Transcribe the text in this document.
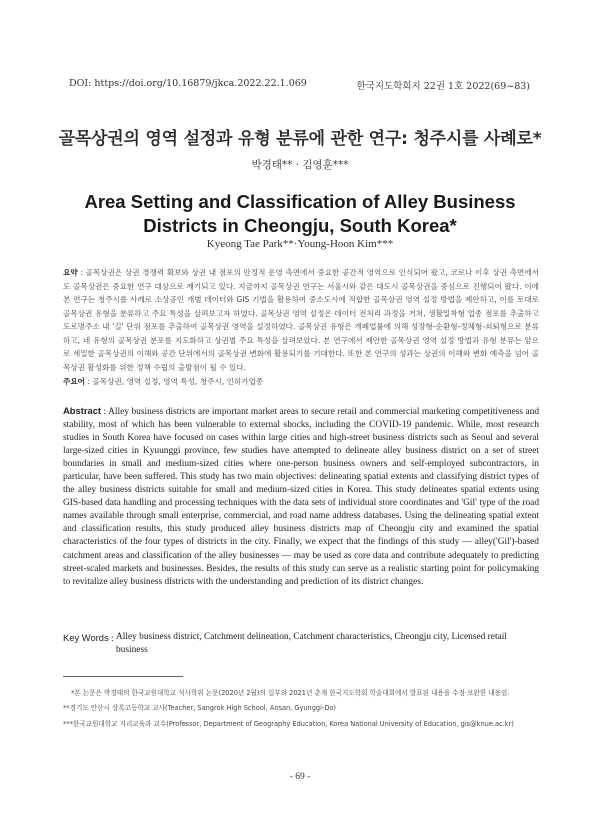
DOI: https://doi.org/10.16879/jkca.2022.22.1.069	한국지도학회지 22권 1호 2022(69~83)
골목상권의 영역 설정과 유형 분류에 관한 연구: 청주시를 사례로*
박경태** · 김영훈***
Area Setting and Classification of Alley Business Districts in Cheongju, South Korea*
Kyeong Tae Park**·Young-Hoon Kim***
요약 : 골목상권은 상권 경쟁력 확보와 상권 내 점포의 안정적 운영 측면에서 중요한 공간적 영역으로 인식되어 왔고, 코로나 이후 상권 측면에서도 골목상권은 중요한 연구 대상으로 제기되고 있다. 지금까지 골목상권 연구는 서울시와 같은 대도시 골목상권을 중심으로 진행되어 왔다. 이에 본 연구는 청주시를 사례로 소상공인 개별 데이터와 GIS 기법을 활용하여 중소도시에 적합한 골목상권 영역 설정 방법을 제안하고, 이를 토대로 골목상권 유형을 분류하고 주요 특성을 살펴보고자 하였다. 골목상권 영역 설정은 데이터 전처리 과정을 거쳐, 생활밀착형 업종 점포를 추출하고 도로명주소 내 '길' 단위 점포를 추출하여 골목상권 영역을 설정하였다. 골목상권 유형은 개폐업률에 의해 성장형-순환형-정체형-쇠퇴형으로 분류하고, 네 유형의 골목상권 분포를 지도화하고 상권별 주요 특성을 살펴보았다. 본 연구에서 제안한 골목상권 영역 설정 방법과 유형 분류는 앞으로 세밀한 골목상권의 이해와 공간 단위에서의 골목상권 변화에 활용되기를 기대한다. 또한 본 연구의 성과는 상권의 이해와 변화 예측을 넘어 골목상권 활성화를 위한 정책 수립의 출발점이 될 수 있다.
주요어 : 골목상권, 영역 설정, 영역 특성, 청주시, 인허가업종
Abstract : Alley business districts are important market areas to secure retail and commercial marketing competitiveness and stability, most of which has been vulnerable to external shocks, including the COVID-19 pandemic. While, most research studies in South Korea have focused on cases within large cities and high-street business districts such as Seoul and several large-sized cities in Kyuunggi province, few studies have attempted to delineate alley business district on a set of street boundaries in small and medium-sized cities where one-person business owners and self-employed subcontractors, in particular, have been suffered. This study has two main objectives: delineating spatial extents and classifying district types of the alley business districts suitable for small and medium-sized cities in Korea. This study delineates spatial extents using GIS-based data handling and processing techniques with the data sets of individual store coordinates and 'Gil' type of the road names available through small enterprise, commercial, and road name address databases. Using the delineating spatial extent and classification results, this study produced alley business districts map of Cheongju city and examined the spatial characteristics of the four types of districts in the city. Finally, we expect that the findings of this study — alley('Gil')-based catchment areas and classification of the alley businesses — may be used as core data and contribute adequately to predicting street-scaled markets and businesses. Besides, the results of this study can serve as a realistic starting point for policymaking to revitalize alley business districts with the understanding and prediction of its district changes.
Key Words : Alley business district, Catchment delineation, Catchment characteristics, Cheongju city, Licensed retail business
*본 논문은 박경태의 한국교원대학교 석사학위 논문(2020년 2월)의 일부와 2021년 춘계 한국지도학회 학술대회에서 발표된 내용을 수정·보완한 내용임.
**경기도 안산시 상록고등학교 교사(Teacher, Sangrok High School, Ansan, Gyunggi-Do)
***한국교원대학교 지리교육과 교수(Professor, Department of Geography Education, Korea National University of Education, gis@knue.ac.kr)
- 69 -
